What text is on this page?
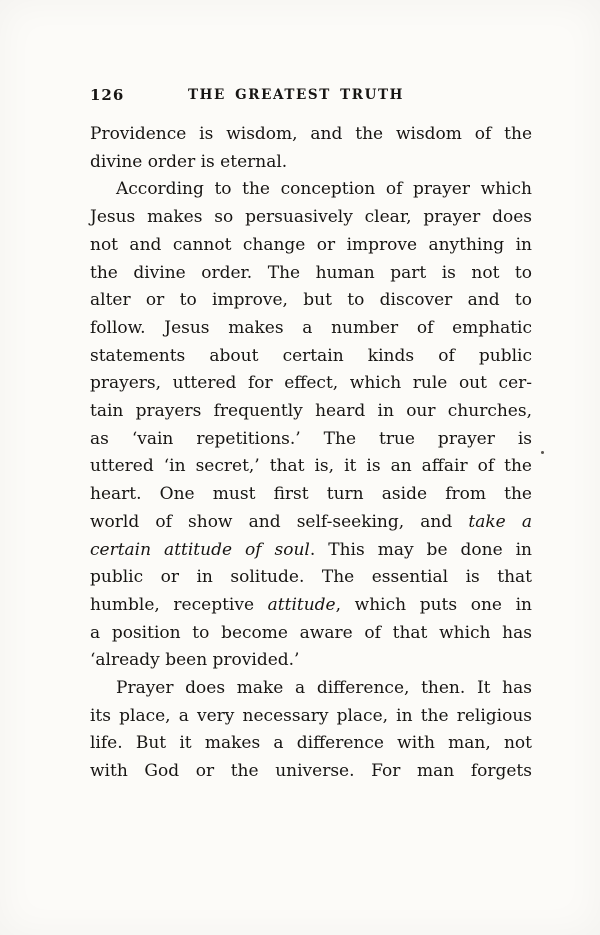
126	THE GREATEST TRUTH
Providence is wisdom, and the wisdom of the
divine order is eternal.
According to the conception of prayer which
Jesus makes so persuasively clear, prayer does
not and cannot change or improve anything in
the divine order. The human part is not to
alter or to improve, but to discover and to
follow. Jesus makes a number of emphatic
statements about certain kinds of public
prayers, uttered for effect, which rule out cer-
tain prayers frequently heard in our churches,
as ‘vain repetitions.’ The true prayer is
uttered ‘in secret,’ that is, it is an affair of the
heart. One must first turn aside from the
world of show and self-seeking, and take a
certain attitude of soul. This may be done in
public or in solitude. The essential is that
humble, receptive attitude, which puts one in
a position to become aware of that which has
‘already been provided.’
Prayer does make a difference, then. It has
its place, a very necessary place, in the religious
life. But it makes a difference with man, not
with God or the universe. For man forgets
